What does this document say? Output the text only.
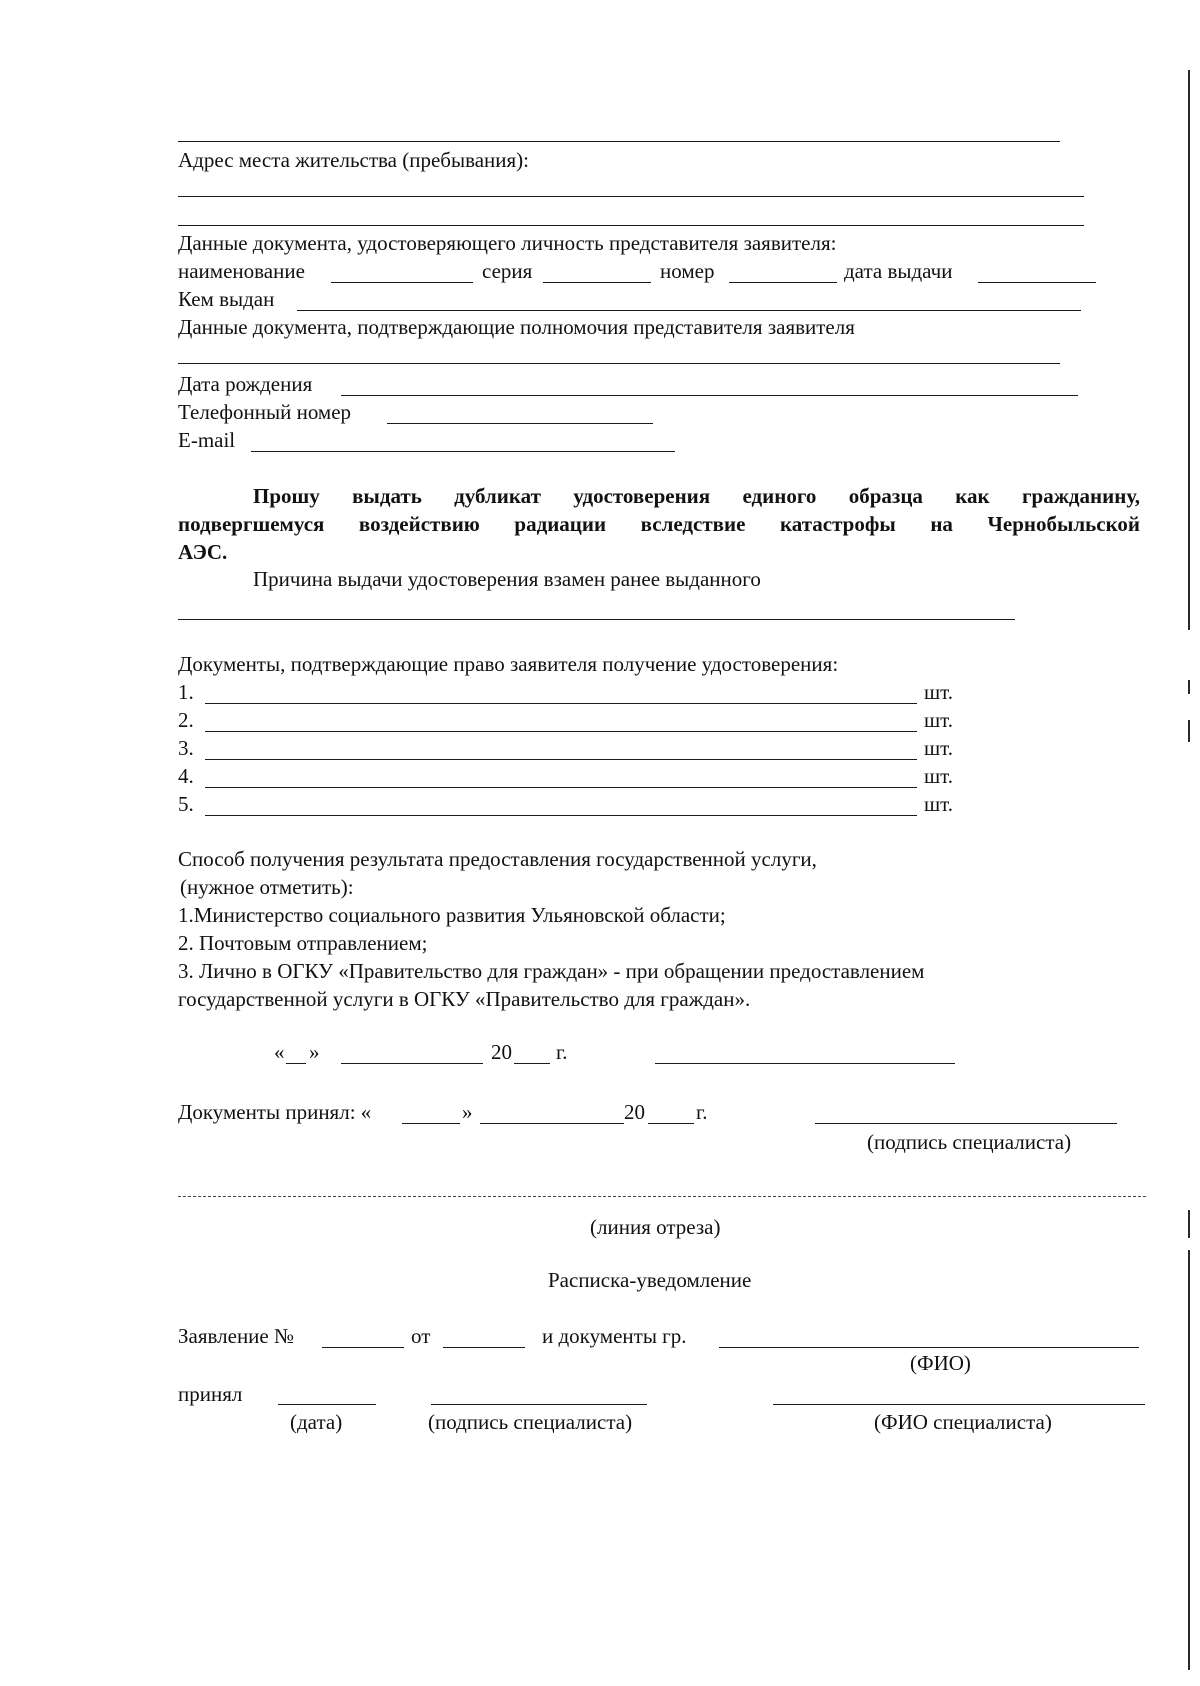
Адрес места жительства (пребывания):
Данные документа, удостоверяющего личность представителя заявителя:
наименование	серия	номер	дата выдачи
Кем выдан
Данные документа, подтверждающие полномочия представителя заявителя
Дата рождения
Телефонный номер
E-mail
Прошу выдать дубликат удостоверения единого образца как гражданину,
подвергшемуся воздействию радиации вследствие катастрофы на Чернобыльской
АЭС.
Причина выдачи удостоверения взамен ранее выданного
Документы, подтверждающие право заявителя получение удостоверения:
1.	шт.
2.	шт.
3.	шт.
4.	шт.
5.	шт.
Способ получения результата предоставления государственной услуги,
(нужное отметить):
1.Министерство социального развития Ульяновской области;
2. Почтовым отправлением;
3. Лично в ОГКУ «Правительство для граждан» - при обращении предоставлением
государственной услуги в ОГКУ «Правительство для граждан».
« »	20 г.
Документы принял: «	»	20 г.
(подпись специалиста)
(линия отреза)
Расписка-уведомление
Заявление №	от	и документы гр.
(ФИО)
принял
(дата)	(подпись специалиста)	(ФИО специалиста)
